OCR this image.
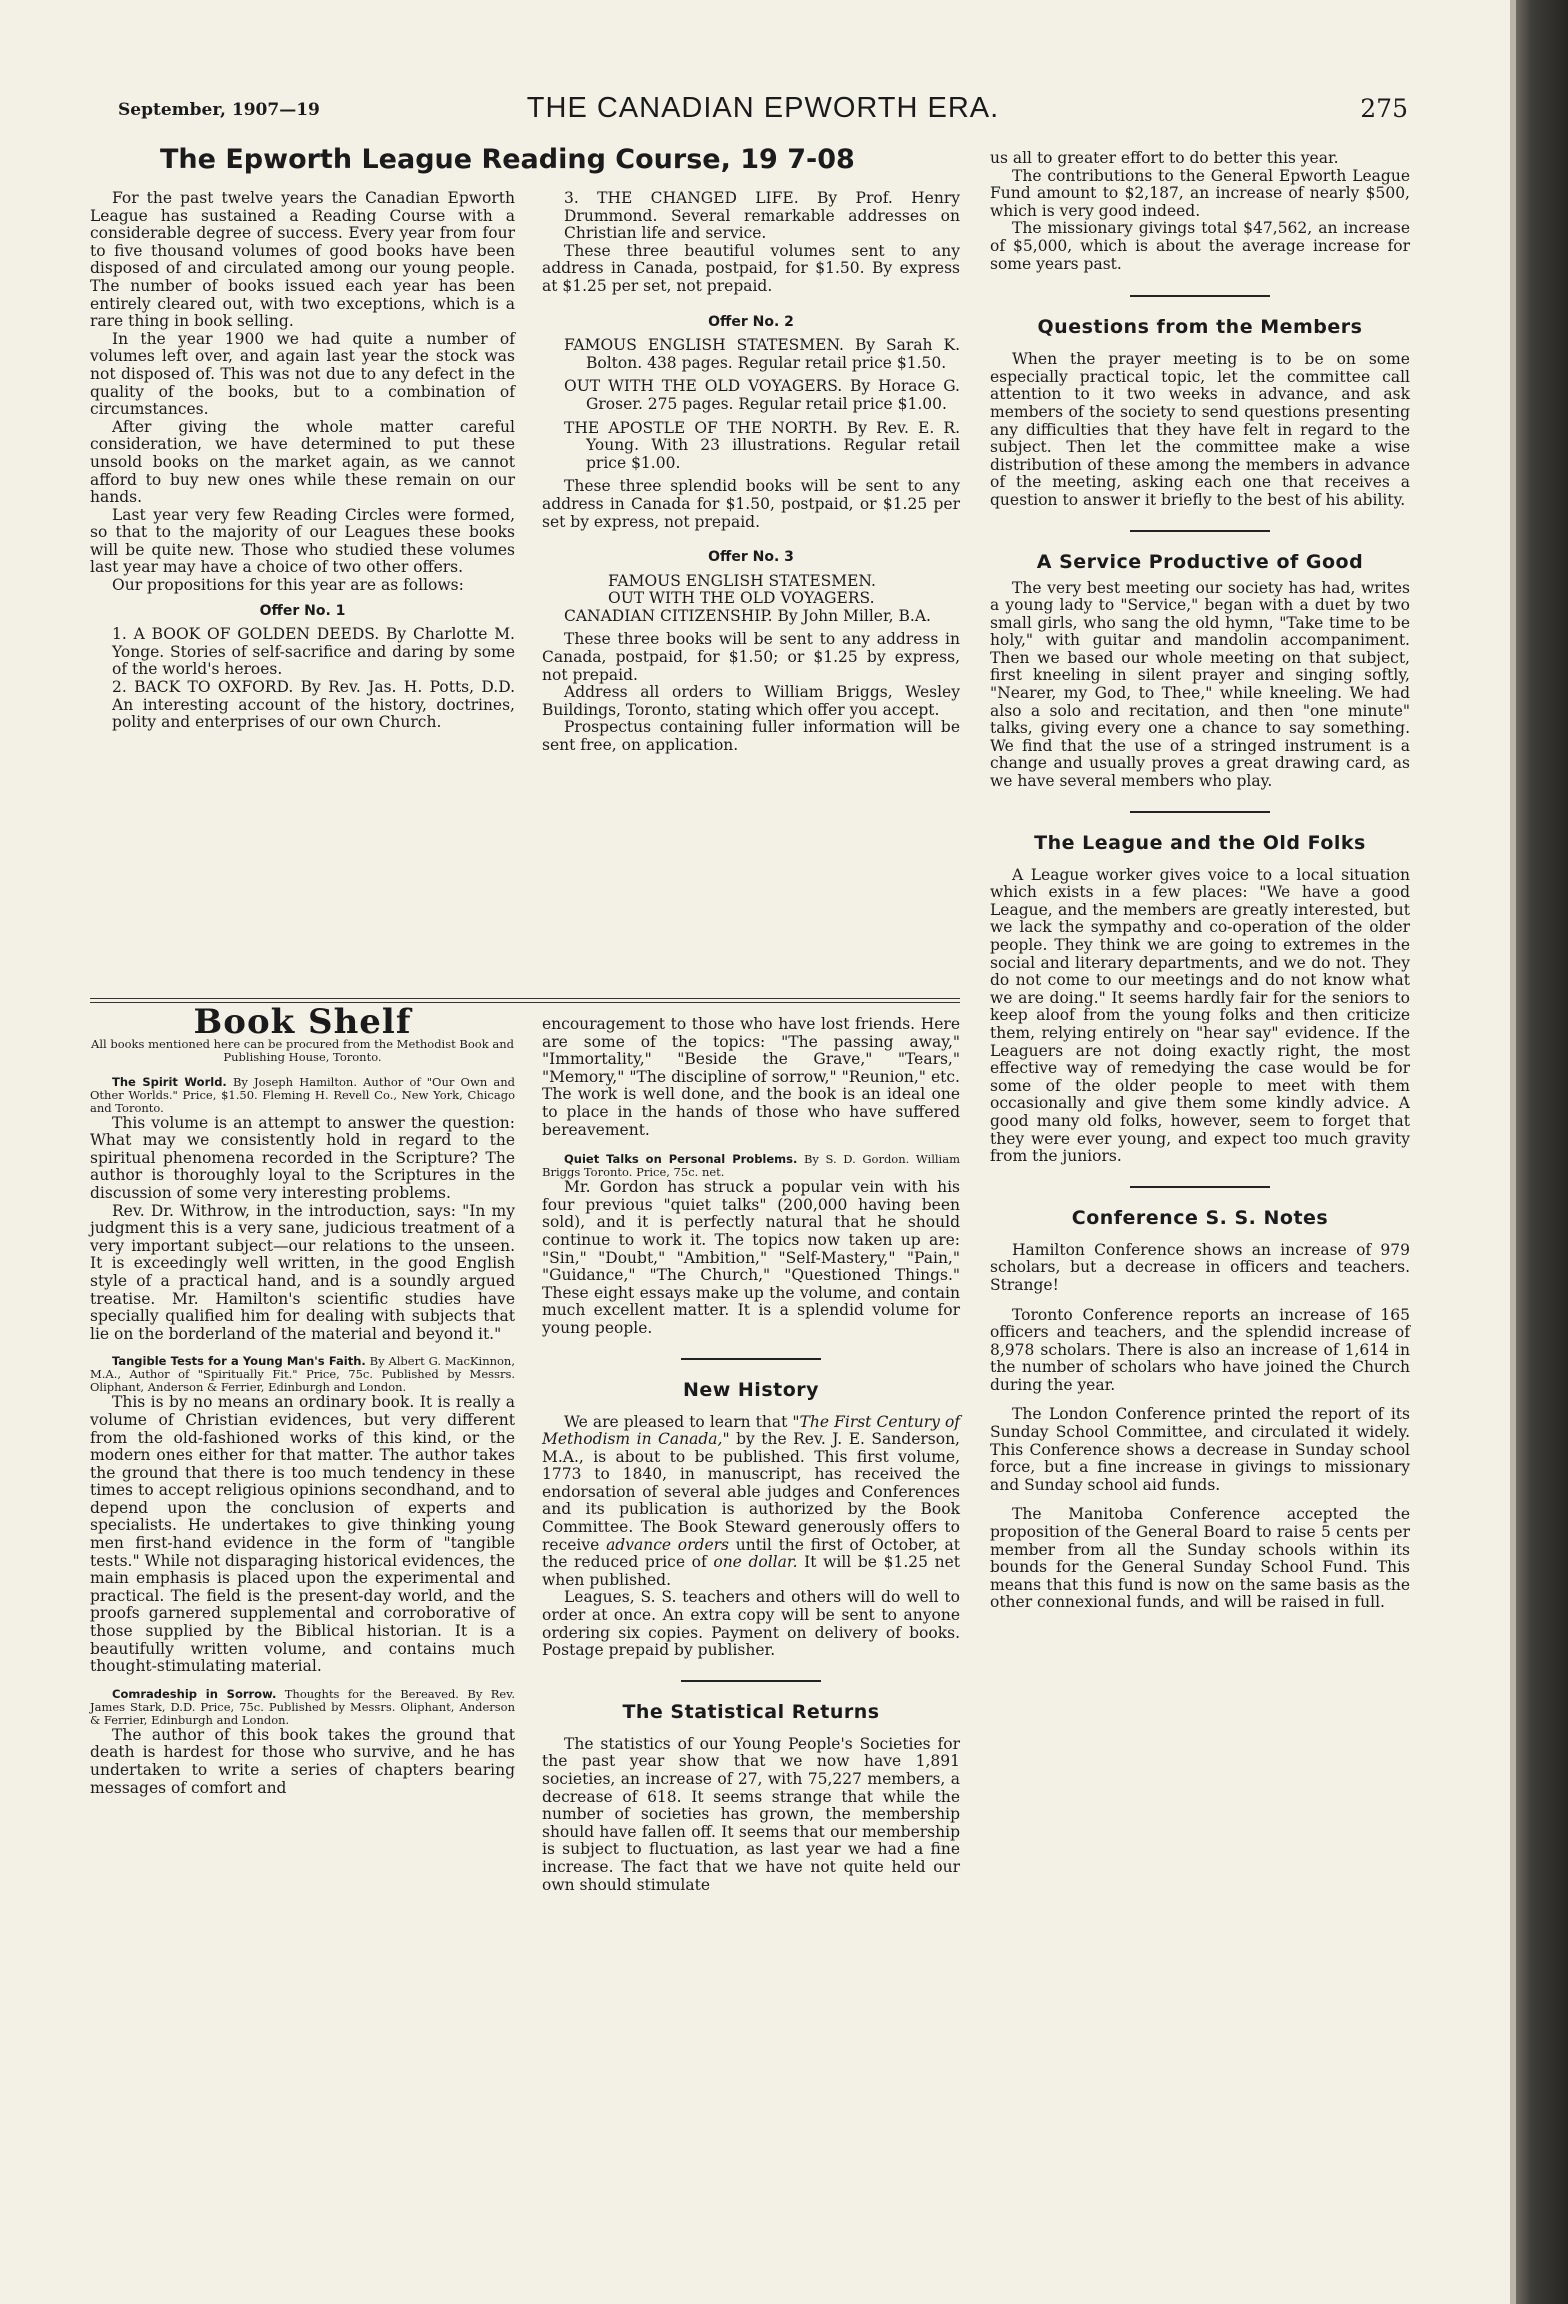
September, 1907—19	THE CANADIAN EPWORTH ERA.	275
The Epworth League Reading Course, 19 7-08

For the past twelve years the Canadian Epworth League has sustained a Reading Course with a considerable degree of success. Every year from four to five thousand volumes of good books have been disposed of and circulated among our young people. The number of books issued each year has been entirely cleared out, with two exceptions, which is a rare thing in book selling.

In the year 1900 we had quite a number of volumes left over, and again last year the stock was not disposed of. This was not due to any defect in the quality of the books, but to a combination of circumstances.

After giving the whole matter careful consideration, we have determined to put these unsold books on the market again, as we cannot afford to buy new ones while these remain on our hands.

Last year very few Reading Circles were formed, so that to the majority of our Leagues these books will be quite new. Those who studied these volumes last year may have a choice of two other offers.

Our propositions for this year are as follows:

Offer No. 1

1. A BOOK OF GOLDEN DEEDS. By Charlotte M. Yonge. Stories of self-sacrifice and daring by some of the world's heroes.

2. BACK TO OXFORD. By Rev. Jas. H. Potts, D.D. An interesting account of the history, doctrines, polity and enterprises of our own Church.

3. THE CHANGED LIFE. By Prof. Henry Drummond. Several remarkable addresses on Christian life and service.

These three beautiful volumes sent to any address in Canada, postpaid, for $1.50. By express at $1.25 per set, not prepaid.

Offer No. 2

FAMOUS ENGLISH STATESMEN. By Sarah K. Bolton. 438 pages. Regular retail price $1.50.

OUT WITH THE OLD VOYAGERS. By Horace G. Groser. 275 pages. Regular retail price $1.00.

THE APOSTLE OF THE NORTH. By Rev. E. R. Young. With 23 illustrations. Regular retail price $1.00.

These three splendid books will be sent to any address in Canada for $1.50, postpaid, or $1.25 per set by express, not prepaid.

Offer No. 3

FAMOUS ENGLISH STATESMEN.

OUT WITH THE OLD VOYAGERS.

CANADIAN CITIZENSHIP. By John Miller, B.A.

These three books will be sent to any address in Canada, postpaid, for $1.50; or $1.25 by express, not prepaid.

Address all orders to William Briggs, Wesley Buildings, Toronto, stating which offer you accept.

Prospectus containing fuller information will be sent free, on application.

us all to greater effort to do better this year.

The contributions to the General Epworth League Fund amount to $2,187, an increase of nearly $500, which is very good indeed.

The missionary givings total $47,562, an increase of $5,000, which is about the average increase for some years past.

Questions from the Members

When the prayer meeting is to be on some especially practical topic, let the committee call attention to it two weeks in advance, and ask members of the society to send questions presenting any difficulties that they have felt in regard to the subject. Then let the committee make a wise distribution of these among the members in advance of the meeting, asking each one that receives a question to answer it briefly to the best of his ability.

A Service Productive of Good

The very best meeting our society has had, writes a young lady to "Service," began with a duet by two small girls, who sang the old hymn, "Take time to be holy," with guitar and mandolin accompaniment. Then we based our whole meeting on that subject, first kneeling in silent prayer and singing softly, "Nearer, my God, to Thee," while kneeling. We had also a solo and recitation, and then "one minute" talks, giving every one a chance to say something. We find that the use of a stringed instrument is a change and usually proves a great drawing card, as we have several members who play.

The League and the Old Folks

A League worker gives voice to a local situation which exists in a few places: "We have a good League, and the members are greatly interested, but we lack the sympathy and co-operation of the older people. They think we are going to extremes in the social and literary departments, and we do not. They do not come to our meetings and do not know what we are doing." It seems hardly fair for the seniors to keep aloof from the young folks and then criticize them, relying entirely on "hear say" evidence. If the Leaguers are not doing exactly right, the most effective way of remedying the case would be for some of the older people to meet with them occasionally and give them some kindly advice. A good many old folks, however, seem to forget that they were ever young, and expect too much gravity from the juniors.

Conference S. S. Notes

Hamilton Conference shows an increase of 979 scholars, but a decrease in officers and teachers. Strange!

Toronto Conference reports an increase of 165 officers and teachers, and the splendid increase of 8,978 scholars. There is also an increase of 1,614 in the number of scholars who have joined the Church during the year.

The London Conference printed the report of its Sunday School Committee, and circulated it widely. This Conference shows a decrease in Sunday school force, but a fine increase in givings to missionary and Sunday school aid funds.

The Manitoba Conference accepted the proposition of the General Board to raise 5 cents per member from all the Sunday schools within its bounds for the General Sunday School Fund. This means that this fund is now on the same basis as the other connexional funds, and will be raised in full.

Book Shelf
All books mentioned here can be procured from the Methodist Book and Publishing House, Toronto.

The Spirit World. By Joseph Hamilton. Author of "Our Own and Other Worlds." Price, $1.50. Fleming H. Revell Co., New York, Chicago and Toronto.

This volume is an attempt to answer the question: What may we consistently hold in regard to the spiritual phenomena recorded in the Scripture? The author is thoroughly loyal to the Scriptures in the discussion of some very interesting problems.

Rev. Dr. Withrow, in the introduction, says: "In my judgment this is a very sane, judicious treatment of a very important subject—our relations to the unseen. It is exceedingly well written, in the good English style of a practical hand, and is a soundly argued treatise. Mr. Hamilton's scientific studies have specially qualified him for dealing with subjects that lie on the borderland of the material and beyond it."

Tangible Tests for a Young Man's Faith. By Albert G. MacKinnon, M.A., Author of "Spiritually Fit." Price, 75c. Published by Messrs. Oliphant, Anderson & Ferrier, Edinburgh and London.

This is by no means an ordinary book. It is really a volume of Christian evidences, but very different from the old-fashioned works of this kind, or the modern ones either for that matter. The author takes the ground that there is too much tendency in these times to accept religious opinions secondhand, and to depend upon the conclusion of experts and specialists. He undertakes to give thinking young men first-hand evidence in the form of "tangible tests." While not disparaging historical evidences, the main emphasis is placed upon the experimental and practical. The field is the present-day world, and the proofs garnered supplemental and corroborative of those supplied by the Biblical historian. It is a beautifully written volume, and contains much thought-stimulating material.

Comradeship in Sorrow. Thoughts for the Bereaved. By Rev. James Stark, D.D. Price, 75c. Published by Messrs. Oliphant, Anderson & Ferrier, Edinburgh and London.

The author of this book takes the ground that death is hardest for those who survive, and he has undertaken to write a series of chapters bearing messages of comfort and

encouragement to those who have lost friends. Here are some of the topics: "The passing away," "Immortality," "Beside the Grave," "Tears," "Memory," "The discipline of sorrow," "Reunion," etc. The work is well done, and the book is an ideal one to place in the hands of those who have suffered bereavement.

Quiet Talks on Personal Problems. By S. D. Gordon. William Briggs Toronto. Price, 75c. net.

Mr. Gordon has struck a popular vein with his four previous "quiet talks" (200,000 having been sold), and it is perfectly natural that he should continue to work it. The topics now taken up are: "Sin," "Doubt," "Ambition," "Self-Mastery," "Pain," "Guidance," "The Church," "Questioned Things." These eight essays make up the volume, and contain much excellent matter. It is a splendid volume for young people.

New History

We are pleased to learn that "The First Century of Methodism in Canada," by the Rev. J. E. Sanderson, M.A., is about to be published. This first volume, 1773 to 1840, in manuscript, has received the endorsation of several able judges and Conferences and its publication is authorized by the Book Committee. The Book Steward generously offers to receive advance orders until the first of October, at the reduced price of one dollar. It will be $1.25 net when published.

Leagues, S. S. teachers and others will do well to order at once. An extra copy will be sent to anyone ordering six copies. Payment on delivery of books. Postage prepaid by publisher.

The Statistical Returns

The statistics of our Young People's Societies for the past year show that we now have 1,891 societies, an increase of 27, with 75,227 members, a decrease of 618. It seems strange that while the number of societies has grown, the membership should have fallen off. It seems that our membership is subject to fluctuation, as last year we had a fine increase. The fact that we have not quite held our own should stimulate
